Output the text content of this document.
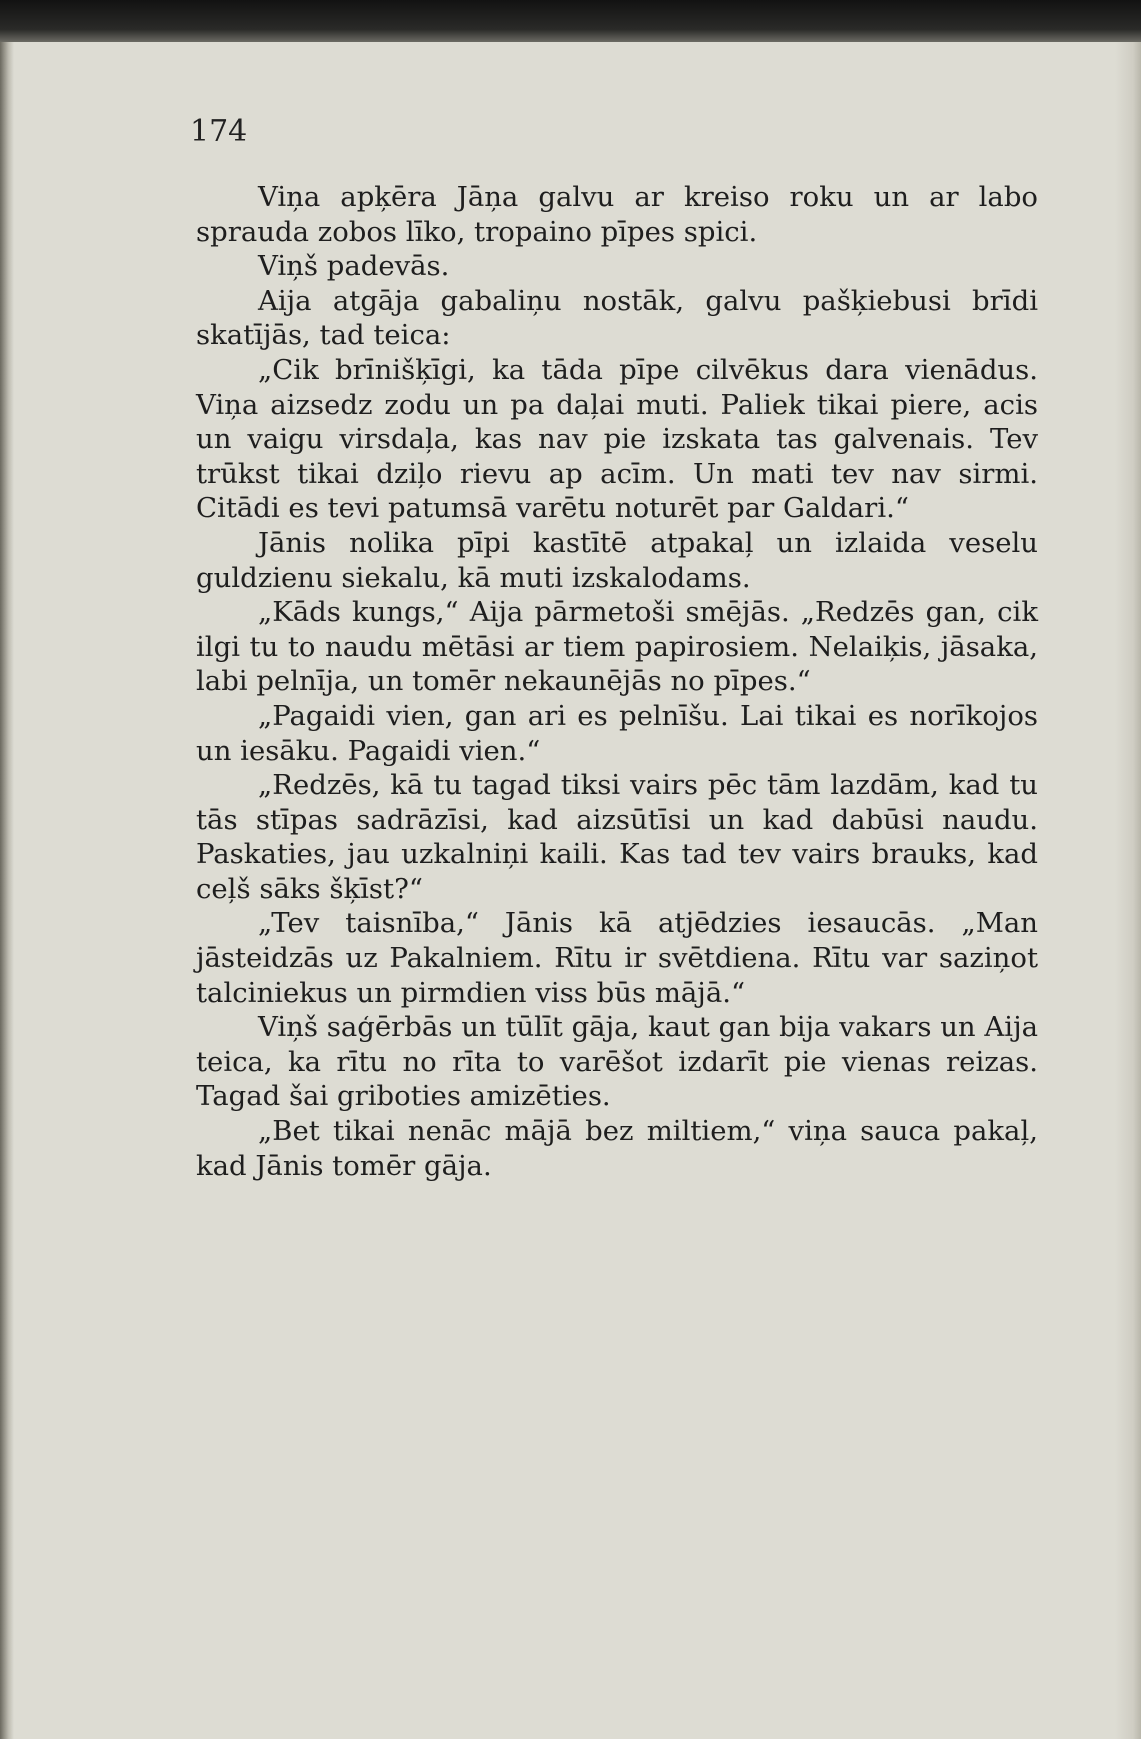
174

Viņa apķēra Jāņa galvu ar kreiso roku un ar labo sprauda zobos līko, tropaino pīpes spici.

Viņš padevās.

Aija atgāja gabaliņu nostāk, galvu pašķiebusi brīdi skatījās, tad teica:

„Cik brīnišķīgi, ka tāda pīpe cilvēkus dara vienādus. Viņa aizsedz zodu un pa daļai muti. Paliek tikai piere, acis un vaigu virsdaļa, kas nav pie izskata tas galvenais. Tev trūkst tikai dziļo rievu ap acīm. Un mati tev nav sirmi. Citādi es tevi patumsā varētu noturēt par Galdari.“

Jānis nolika pīpi kastītē atpakaļ un izlaida veselu guldzienu siekalu, kā muti izskalodams.

„Kāds kungs,“ Aija pārmetoši smējās. „Redzēs gan, cik ilgi tu to naudu mētāsi ar tiem papirosiem. Nelaiķis, jāsaka, labi pelnīja, un tomēr nekaunējās no pīpes.“

„Pagaidi vien, gan ari es pelnīšu. Lai tikai es norīkojos un iesāku. Pagaidi vien.“

„Redzēs, kā tu tagad tiksi vairs pēc tām lazdām, kad tu tās stīpas sadrāzīsi, kad aizsūtīsi un kad dabūsi naudu. Paskaties, jau uzkalniņi kaili. Kas tad tev vairs brauks, kad ceļš sāks šķīst?“

„Tev taisnība,“ Jānis kā atjēdzies iesaucās. „Man jāsteidzās uz Pakalniem. Rītu ir svētdiena. Rītu var saziņot talciniekus un pirmdien viss būs mājā.“

Viņš saģērbās un tūlīt gāja, kaut gan bija vakars un Aija teica, ka rītu no rīta to varēšot izdarīt pie vienas reizas. Tagad šai griboties amizēties.

„Bet tikai nenāc mājā bez miltiem,“ viņa sauca pakaļ, kad Jānis tomēr gāja.
